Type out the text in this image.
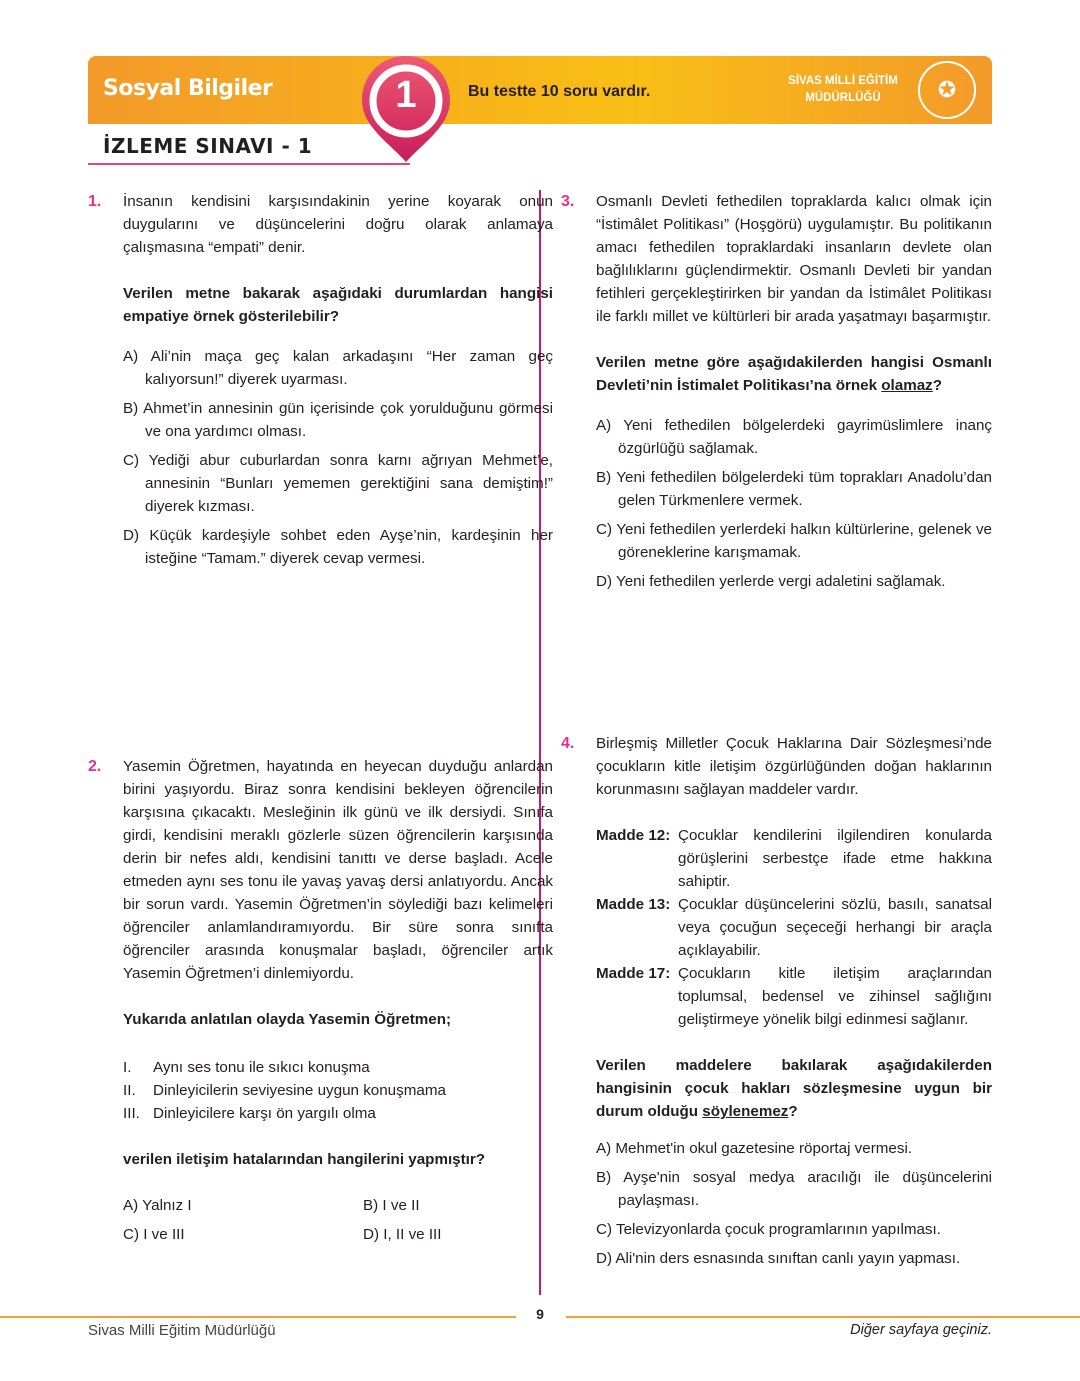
Sosyal Bilgiler	Bu testte 10 soru vardır.
SİVAS MİLLİ EĞİTİM
MÜDÜRLÜĞÜ	✪
1
İZLEME SINAVI - 1
1. İnsanın kendisini karşısındakinin yerine koyarak onun duygularını ve düşüncelerini doğru olarak anlamaya çalışmasına “empati” denir.
Verilen metne bakarak aşağıdaki durumlardan hangisi empatiye örnek gösterilebilir?
A) Ali’nin maça geç kalan arkadaşını “Her zaman geç kalıyorsun!” diyerek uyarması.
B) Ahmet’in annesinin gün içerisinde çok yorulduğunu görmesi ve ona yardımcı olması.
C) Yediği abur cuburlardan sonra karnı ağrıyan Mehmet’e, annesinin “Bunları yememen gerektiğini sana demiştim!” diyerek kızması.
D) Küçük kardeşiyle sohbet eden Ayşe’nin, kardeşinin her isteğine “Tamam.” diyerek cevap vermesi.
2. Yasemin Öğretmen, hayatında en heyecan duyduğu anlardan birini yaşıyordu. Biraz sonra kendisini bekleyen öğrencilerin karşısına çıkacaktı. Mesleğinin ilk günü ve ilk dersiydi. Sınıfa girdi, kendisini meraklı gözlerle süzen öğrencilerin karşısında derin bir nefes aldı, kendisini tanıttı ve derse başladı. Acele etmeden aynı ses tonu ile yavaş yavaş dersi anlatıyordu. Ancak bir sorun vardı. Yasemin Öğretmen’in söylediği bazı kelimeleri öğrenciler anlamlandıramıyordu. Bir süre sonra sınıfta öğrenciler arasında konuşmalar başladı, öğrenciler artık Yasemin Öğretmen’i dinlemiyordu.
Yukarıda anlatılan olayda Yasemin Öğretmen;
I.	Aynı ses tonu ile sıkıcı konuşma
II.	Dinleyicilerin seviyesine uygun konuşmama
III. Dinleyicilere karşı ön yargılı olma
verilen iletişim hatalarından hangilerini yapmıştır?
A) Yalnız I	B) I ve II
C) I ve III	D) I, II ve III
3. Osmanlı Devleti fethedilen topraklarda kalıcı olmak için “İstimâlet Politikası” (Hoşgörü) uygulamıştır. Bu politikanın amacı fethedilen topraklardaki insanların devlete olan bağlılıklarını güçlendirmektir. Osmanlı Devleti bir yandan fetihleri gerçekleştirirken bir yandan da İstimâlet Politikası ile farklı millet ve kültürleri bir arada yaşatmayı başarmıştır.
Verilen metne göre aşağıdakilerden hangisi Osmanlı Devleti’nin İstimalet Politikası’na örnek olamaz?
A) Yeni fethedilen bölgelerdeki gayrimüslimlere inanç özgürlüğü sağlamak.
B) Yeni fethedilen bölgelerdeki tüm toprakları Anadolu’dan gelen Türkmenlere vermek.
C) Yeni fethedilen yerlerdeki halkın kültürlerine, gelenek ve göreneklerine karışmamak.
D) Yeni fethedilen yerlerde vergi adaletini sağlamak.
4. Birleşmiş Milletler Çocuk Haklarına Dair Sözleşmesi’nde çocukların kitle iletişim özgürlüğünden doğan haklarının korunmasını sağlayan maddeler vardır.
Madde 12: Çocuklar kendilerini ilgilendiren konularda görüşlerini serbestçe ifade etme hakkına sahiptir.
Madde 13: Çocuklar düşüncelerini sözlü, basılı, sanatsal veya çocuğun seçeceği herhangi bir araçla açıklayabilir.
Madde 17: Çocukların kitle iletişim araçlarından toplumsal, bedensel ve zihinsel sağlığını geliştirmeye yönelik bilgi edinmesi sağlanır.
Verilen maddelere bakılarak aşağıdakilerden hangisinin çocuk hakları sözleşmesine uygun bir durum olduğu söylenemez?
A) Mehmet'in okul gazetesine röportaj vermesi.
B) Ayşe'nin sosyal medya aracılığı ile düşüncelerini paylaşması.
C) Televizyonlarda çocuk programlarının yapılması.
D) Ali'nin ders esnasında sınıftan canlı yayın yapması.
9
Sivas Milli Eğitim Müdürlüğü	Diğer sayfaya geçiniz.
